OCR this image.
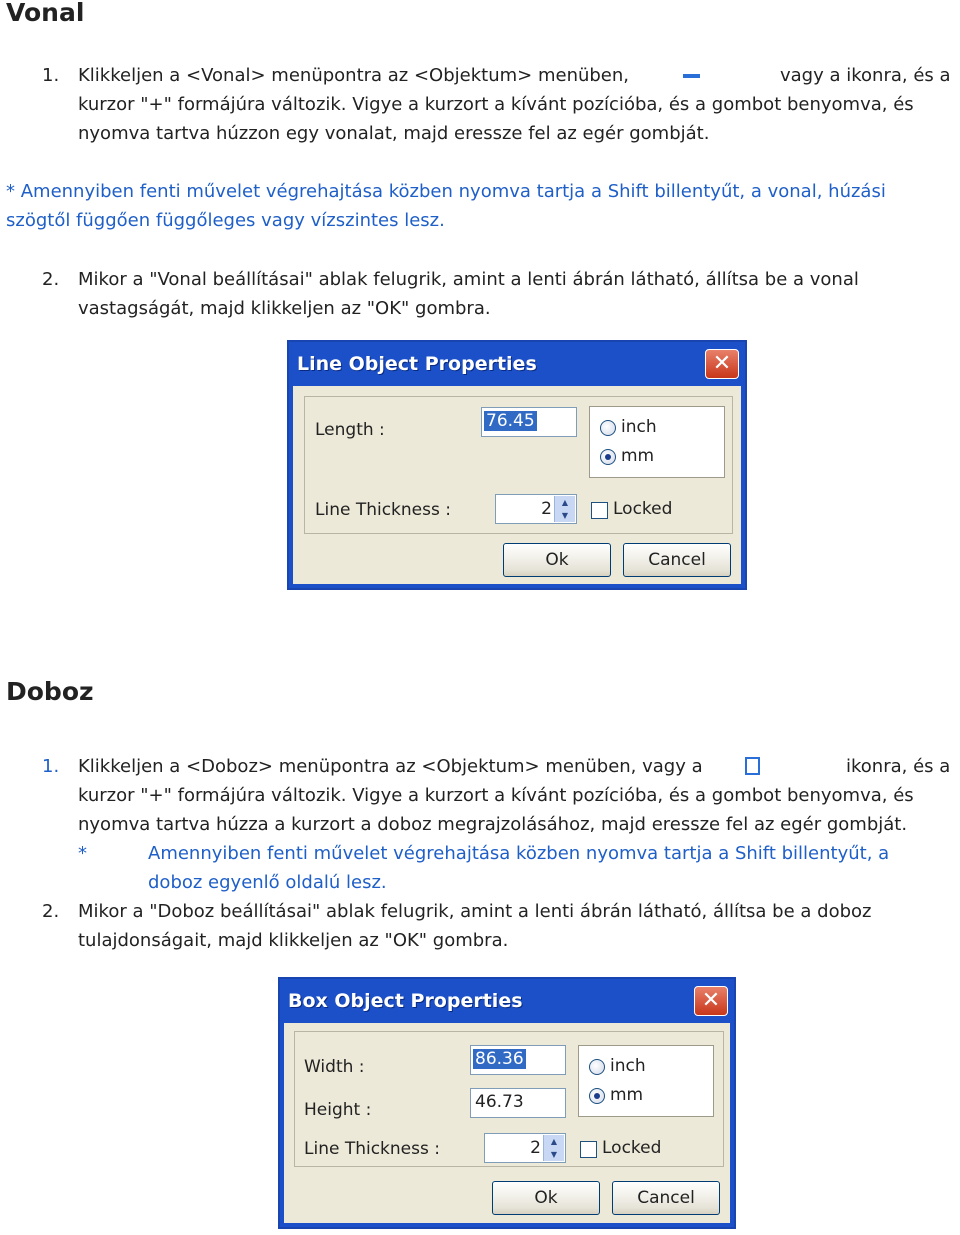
Vonal
1. Klikkeljen a <Vonal> menüpontra az <Objektum> menüben,	vagy a ikonra, és a
kurzor "+" formájúra változik. Vigye a kurzort a kívánt pozícióba, és a gombot benyomva, és
nyomva tartva húzzon egy vonalat, majd eressze fel az egér gombját.
* Amennyiben fenti művelet végrehajtása közben nyomva tartja a Shift billentyűt, a vonal, húzási
szögtől függően függőleges vagy vízszintes lesz.
2. Mikor a "Vonal beállításai" ablak felugrik, amint a lenti ábrán látható, állítsa be a vonal
vastagságát, majd klikkeljen az "OK" gombra.
Line Object Properties	✕
Length :	76.45	inch
mm
Line Thickness :	2	▲
▼	Locked
Ok	Cancel
Doboz
1. Klikkeljen a <Doboz> menüpontra az <Objektum> menüben, vagy a	ikonra, és a
kurzor "+" formájúra változik. Vigye a kurzort a kívánt pozícióba, és a gombot benyomva, és
nyomva tartva húzza a kurzort a doboz megrajzolásához, majd eressze fel az egér gombját.
*	Amennyiben fenti művelet végrehajtása közben nyomva tartja a Shift billentyűt, a
doboz egyenlő oldalú lesz.
2. Mikor a "Doboz beállításai" ablak felugrik, amint a lenti ábrán látható, állítsa be a doboz
tulajdonságait, majd klikkeljen az "OK" gombra.
Box Object Properties	✕
Width :	86.36
Height :	46.73
inch
mm
Line Thickness :	2	▲
▼	Locked
Ok	Cancel
